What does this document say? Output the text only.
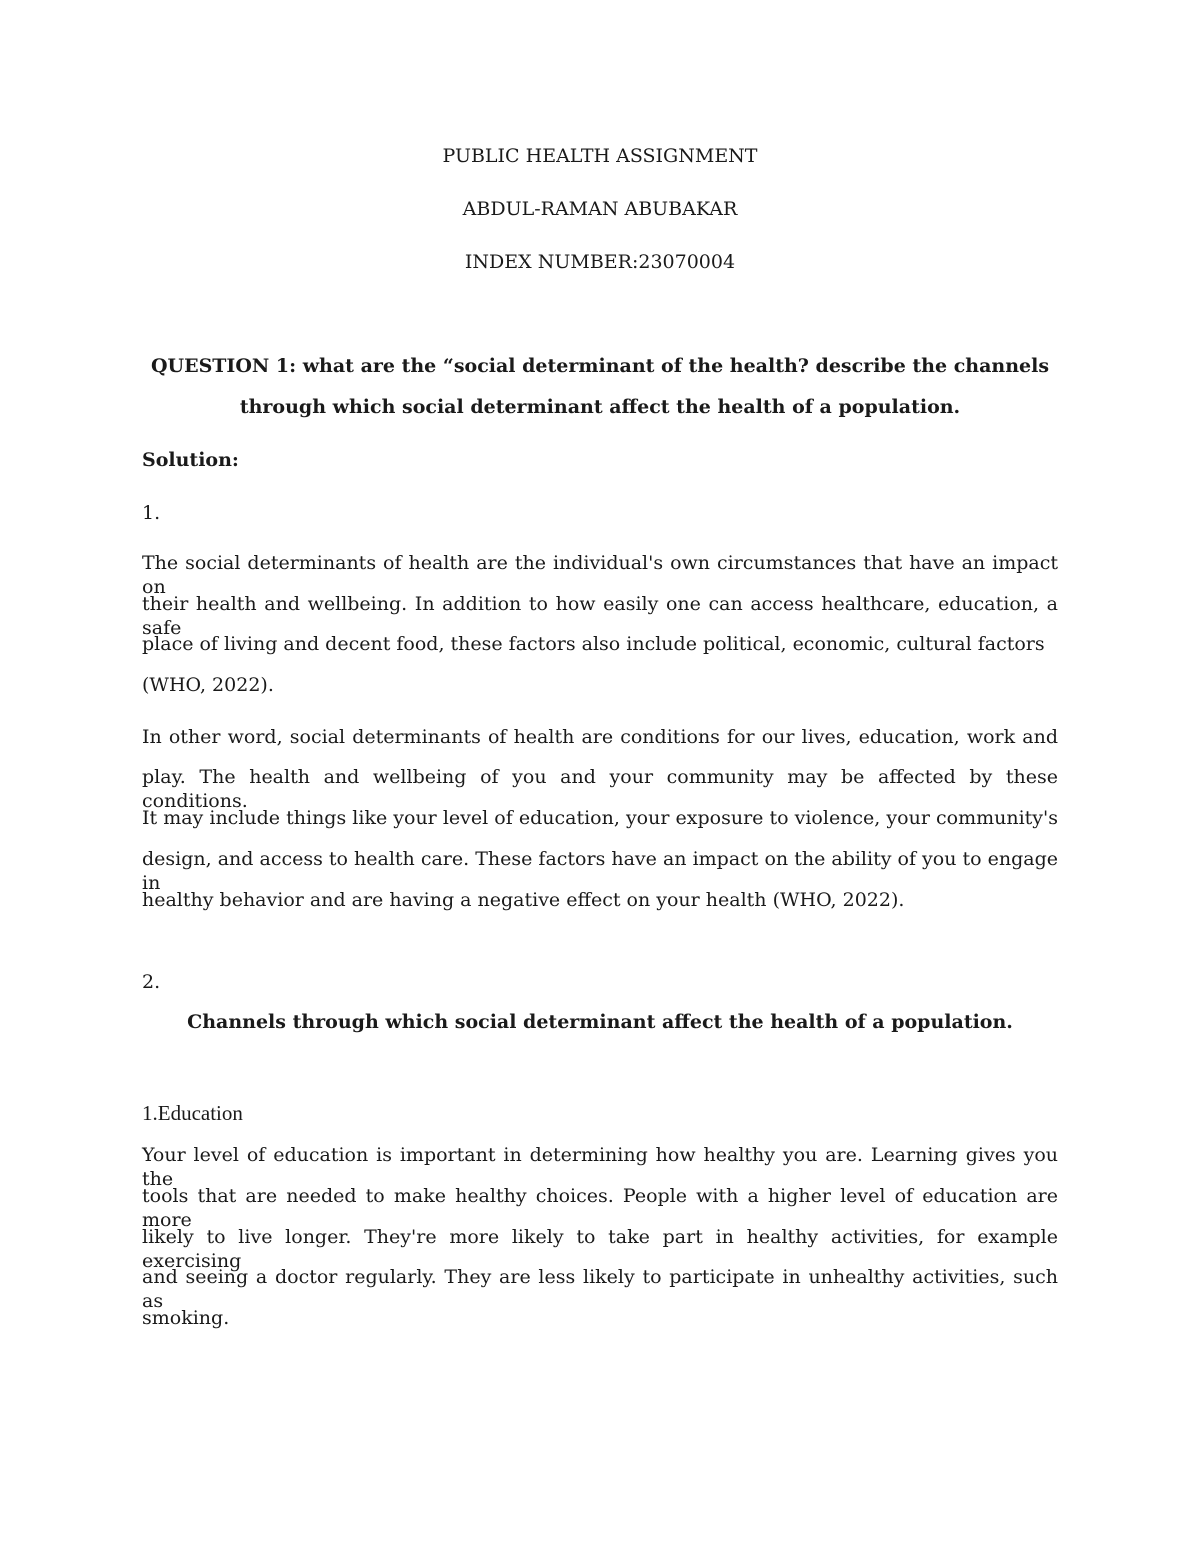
PUBLIC HEALTH ASSIGNMENT
ABDUL-RAMAN ABUBAKAR
INDEX NUMBER:23070004
QUESTION 1: what are the “social determinant of the health? describe the channels
through which social determinant affect the health of a population.
Solution:
1.
The social determinants of health are the individual's own circumstances that have an impact on
their health and wellbeing. In addition to how easily one can access healthcare, education, a safe
place of living and decent food, these factors also include political, economic, cultural factors
(WHO, 2022).
In other word, social determinants of health are conditions for our lives, education, work and
play. The health and wellbeing of you and your community may be affected by these conditions.
It may include things like your level of education, your exposure to violence, your community's
design, and access to health care. These factors have an impact on the ability of you to engage in
healthy behavior and are having a negative effect on your health (WHO, 2022).
2.
Channels through which social determinant affect the health of a population.
1.Education
Your level of education is important in determining how healthy you are. Learning gives you the
tools that are needed to make healthy choices. People with a higher level of education are more
likely to live longer. They're more likely to take part in healthy activities, for example exercising
and seeing a doctor regularly. They are less likely to participate in unhealthy activities, such as
smoking.
